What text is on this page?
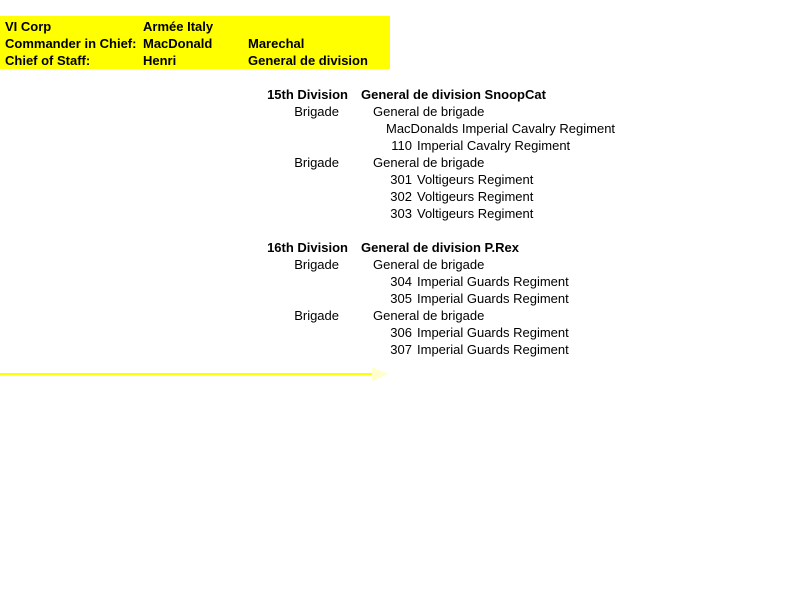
VI Corp	Armée Italy
Commander in Chief: MacDonald	Marechal
Chief of Staff:	Henri	General de division
15th Division General de division SnoopCat
Brigade	General de brigade
MacDonalds Imperial Cavalry Regiment
110 Imperial Cavalry Regiment
Brigade	General de brigade
301 Voltigeurs Regiment
302 Voltigeurs Regiment
303 Voltigeurs Regiment
16th Division General de division P.Rex
Brigade	General de brigade
304 Imperial Guards Regiment
305 Imperial Guards Regiment
Brigade	General de brigade
306 Imperial Guards Regiment
307 Imperial Guards Regiment
